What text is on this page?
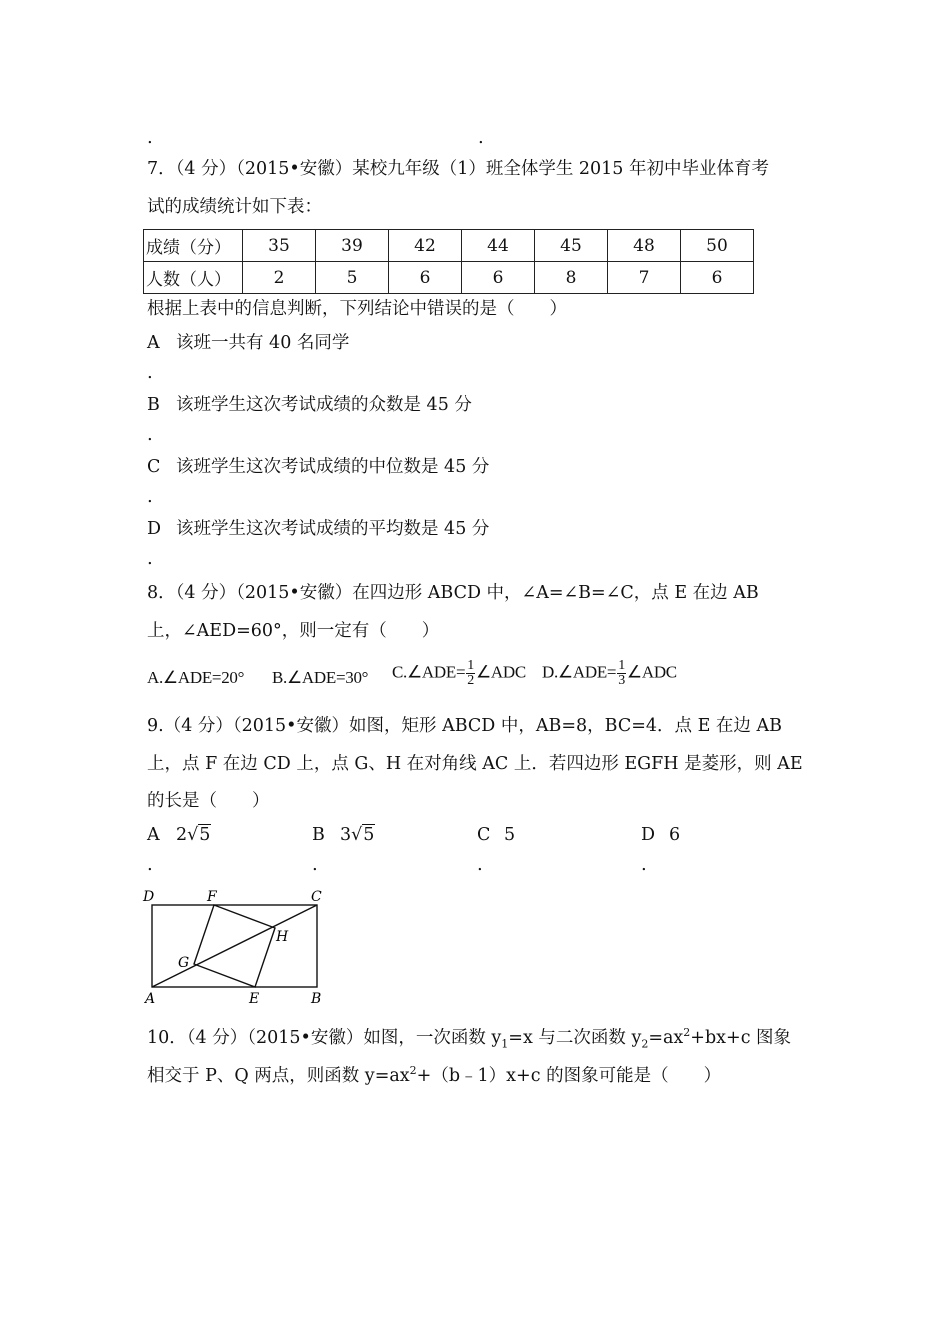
.	.
7．（4 分）（2015•安徽）某校九年级（1）班全体学生 2015 年初中毕业体育考
试的成绩统计如下表：
成绩（分）	35	39	42	44	45	48	50
人数（人）	2	5	6	6	8	7	6
根据上表中的信息判断，下列结论中错误的是（　　）
A 该班一共有 40 名同学
.
B 该班学生这次考试成绩的众数是 45 分
.
C 该班学生这次考试成绩的中位数是 45 分
.
D 该班学生这次考试成绩的平均数是 45 分
.
8．（4 分）（2015•安徽）在四边形 ABCD 中，∠A=∠B=∠C，点 E 在边 AB
上，∠AED=60°，则一定有（　　）
A.∠ADE=20° B.∠ADE=30° C.∠ADE= $\frac{1}{2}$ ∠ADC D.∠ADE= $\frac{1}{3}$ ∠ADC
9.（4 分）（2015•安徽）如图，矩形 ABCD 中，AB=8，BC=4．点 E 在边 AB
上，点 F 在边 CD 上，点 G、H 在对角线 AC 上．若四边形 EGFH 是菱形，则 AE
的长是（　　）
A 2√5
.
B 3√5
.
C 5
.
D 6
.
D	F	C
H
G
A	E	B
10．（4 分）（2015•安徽）如图，一次函数 $y_1=x$ 与二次函数 $y_2=ax^2+bx+c$ 图象
相交于 P、Q 两点，则函数 $y=ax^2+(b﹣1)x+c$ 的图象可能是（　　）
